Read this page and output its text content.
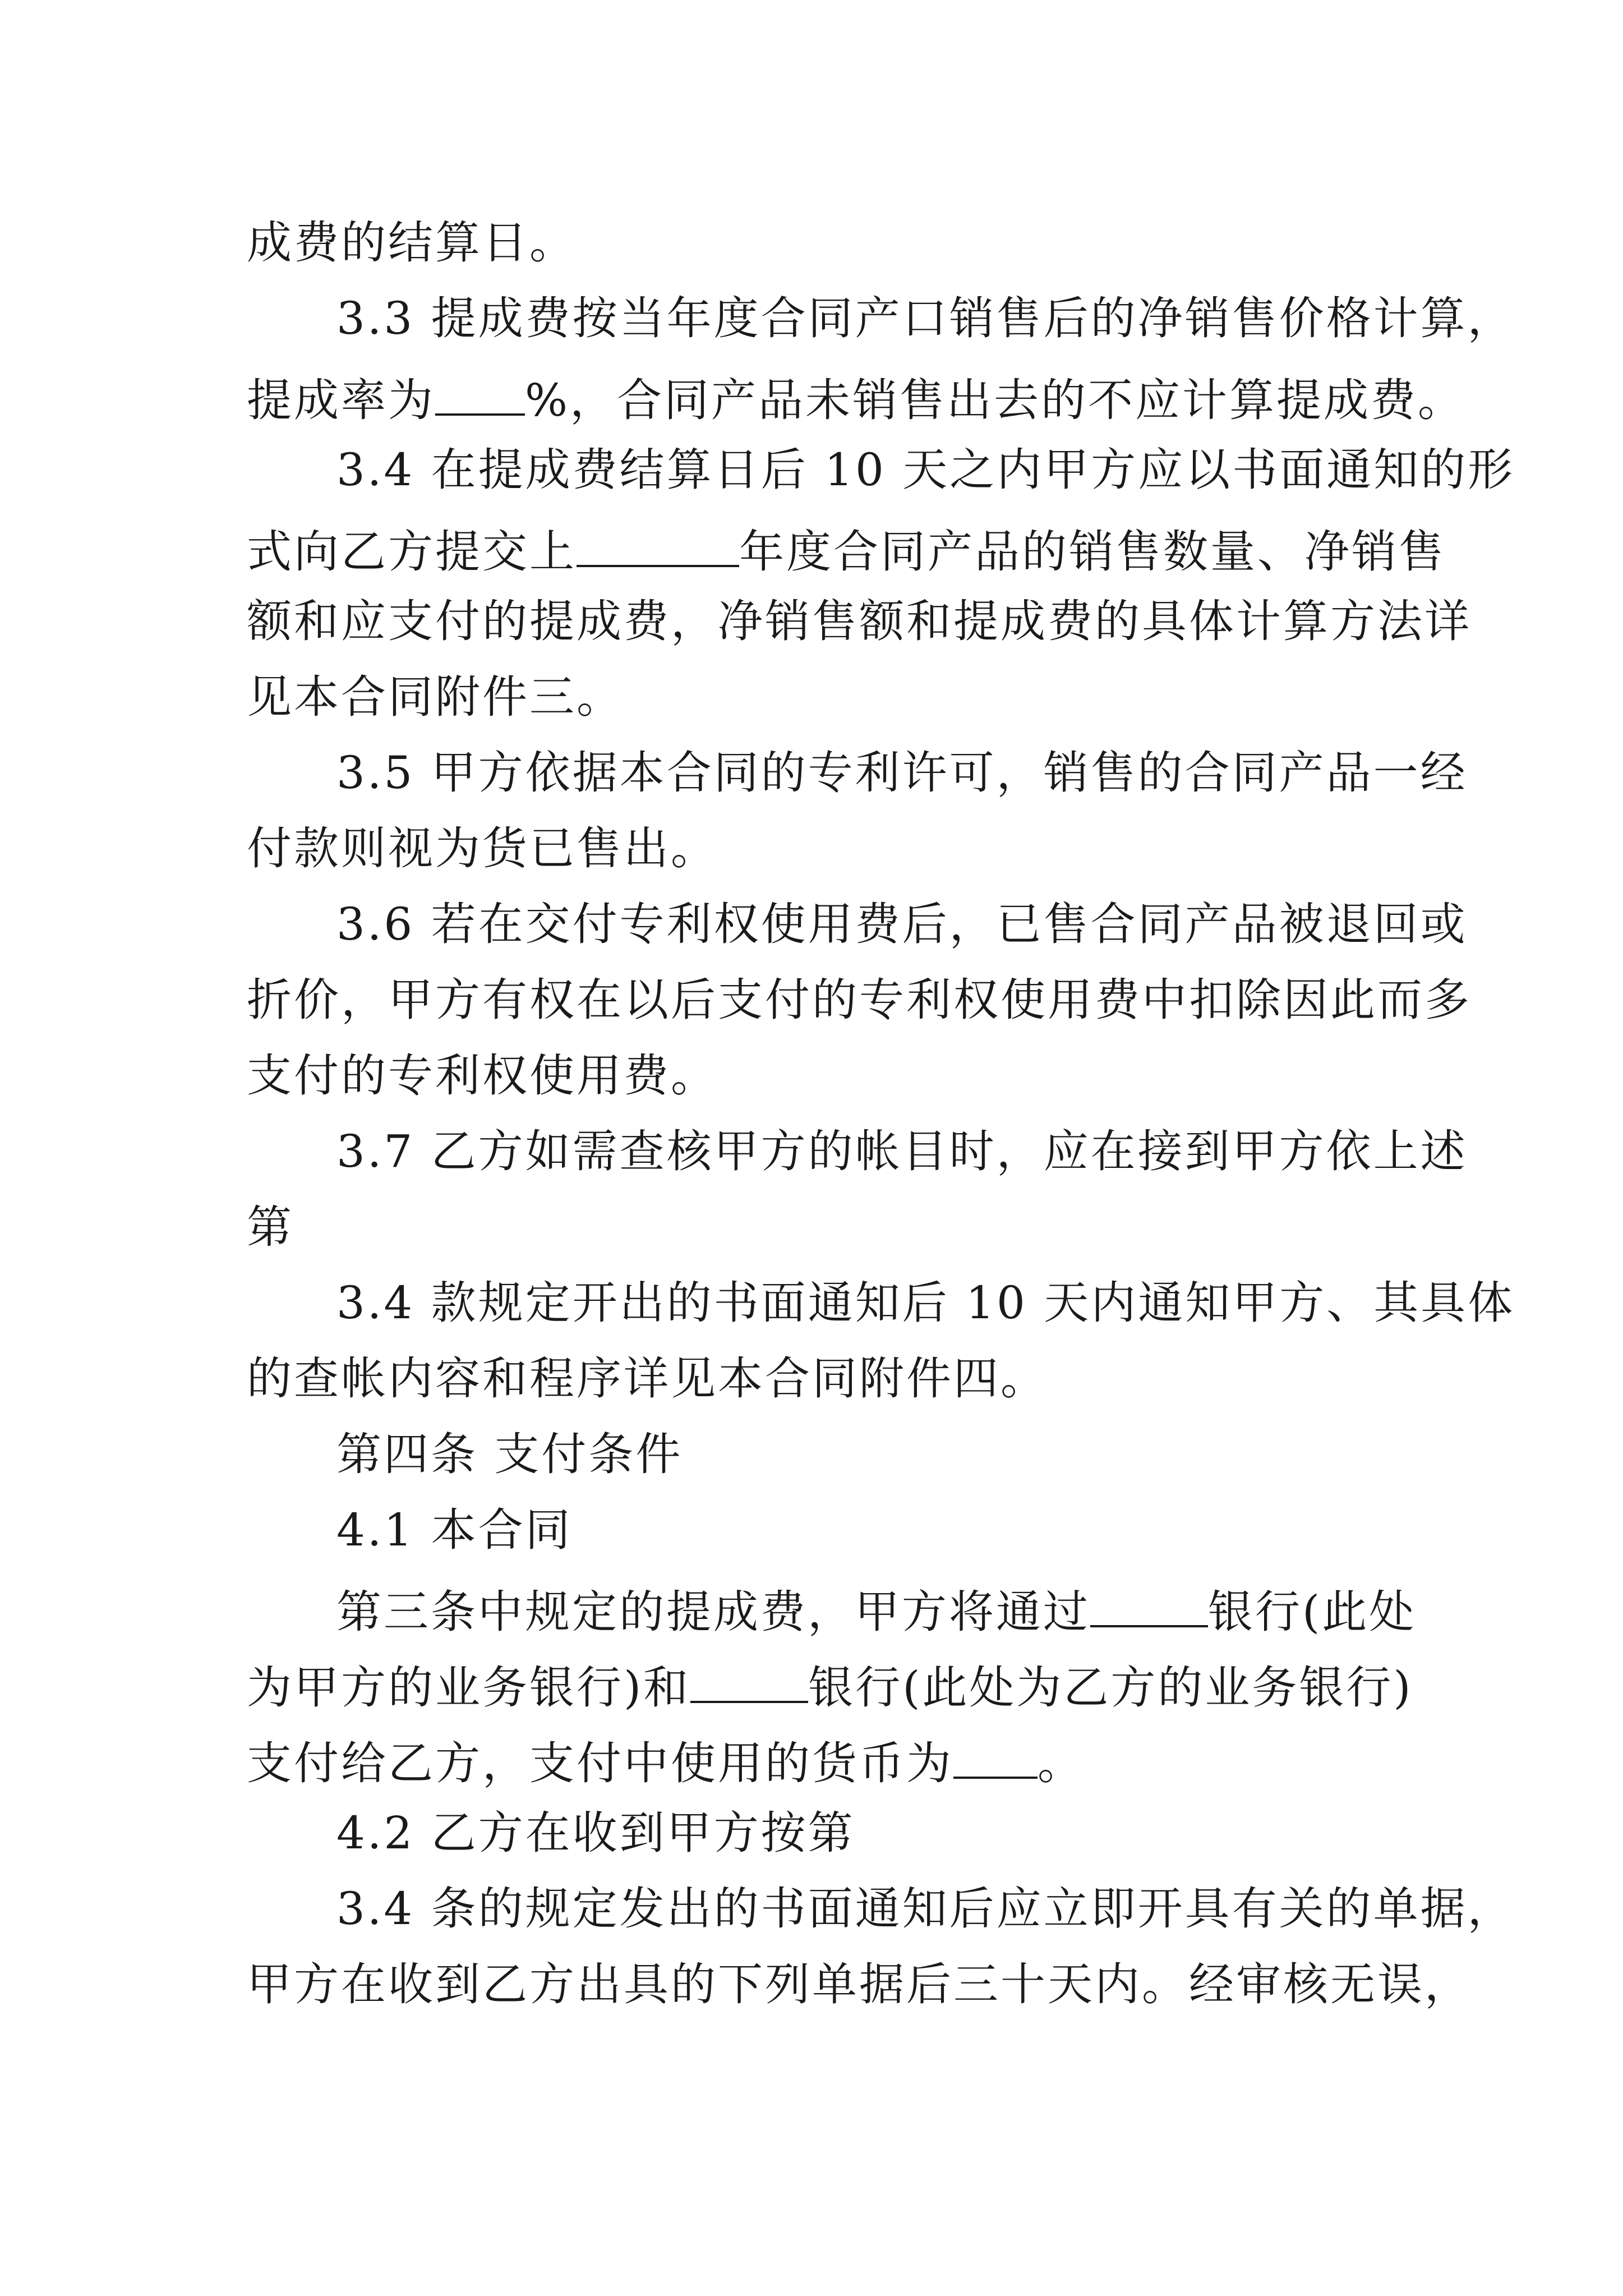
成费的结算日。
3.3 提成费按当年度合同产口销售后的净销售价格计算，
提成率为 %，合同产品未销售出去的不应计算提成费。
3.4 在提成费结算日后 10 天之内甲方应以书面通知的形
式向乙方提交上	年度合同产品的销售数量、净销售
额和应支付的提成费，净销售额和提成费的具体计算方法详
见本合同附件三。
3.5 甲方依据本合同的专利许可，销售的合同产品一经
付款则视为货已售出。
3.6 若在交付专利权使用费后，已售合同产品被退回或
折价，甲方有权在以后支付的专利权使用费中扣除因此而多
支付的专利权使用费。
3.7 乙方如需查核甲方的帐目时，应在接到甲方依上述
第
3.4 款规定开出的书面通知后 10 天内通知甲方、其具体
的查帐内容和程序详见本合同附件四。
第四条 支付条件
4.1 本合同
第三条中规定的提成费，甲方将通过	银行(此处
为甲方的业务银行)和	银行(此处为乙方的业务银行)
支付给乙方，支付中使用的货币为 。
4.2 乙方在收到甲方按第
3.4 条的规定发出的书面通知后应立即开具有关的单据，
甲方在收到乙方出具的下列单据后三十天内。经审核无误，
